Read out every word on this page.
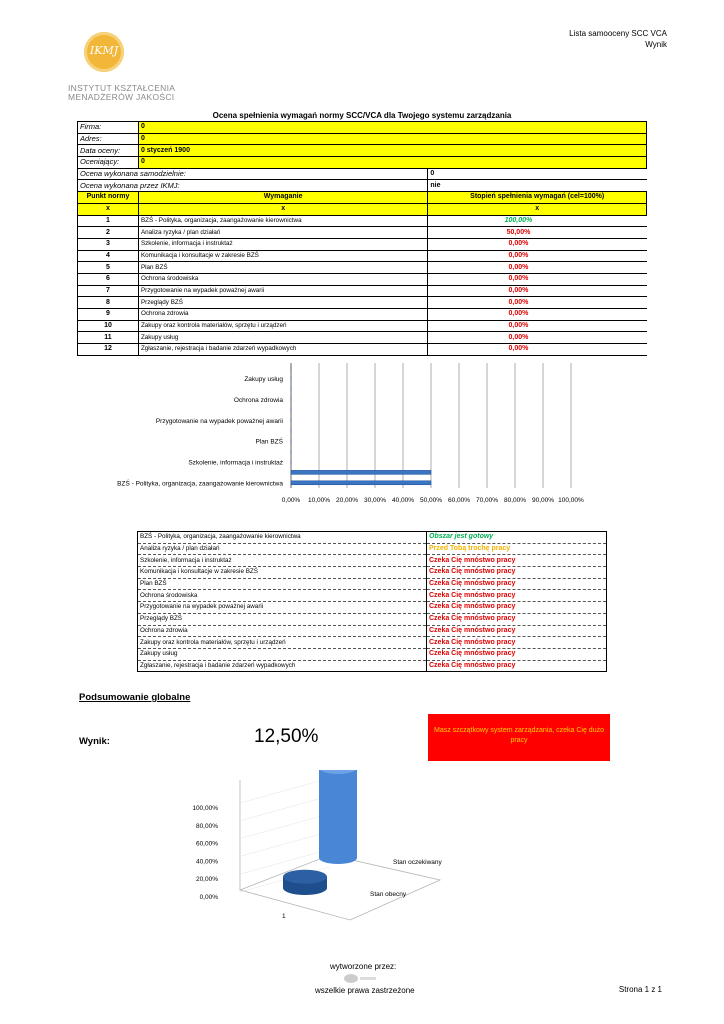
Lista samooceny SCC VCA
Wynik
IKMJ
INSTYTUT KSZTAŁCENIA
MENADŻERÓW JAKOŚCI
Ocena spełnienia wymagań normy SCC/VCA dla Twojego systemu zarządzania
Firma:	0		
Adres:	0		
Data oceny:	0 styczeń 1900		
Oceniający:	0		
Ocena wykonana samodzielnie:		0	
Ocena wykonana przez IKMJ:		nie	
Punkt normy	Wymaganie	Stopień spełnienia wymagań (cel=100%)	
x	x	x	
1	BZŚ - Polityka, organizacja, zaangażowanie kierownictwa	100,00%	
2	Analiza ryzyka / plan działań	50,00%	
3	Szkolenie, informacja i instruktaż	0,00%	
4	Komunikacja i konsultacje w zakresie BZŚ	0,00%	
5	Plan BZŚ	0,00%	
6	Ochrona środowiska	0,00%	
7	Przygotowanie na wypadek poważnej awarii	0,00%	
8	Przeglądy BZŚ	0,00%	
9	Ochrona zdrowia	0,00%	
10	Zakupy oraz kontrola materiałów, sprzętu i urządzeń	0,00%	
11	Zakupy usług	0,00%	
12	Zgłaszanie, rejestracja i badanie zdarzeń wypadkowych	0,00%	
0,00% 10,00% 20,00% 30,00% 40,00% 50,00% 60,00% 70,00% 80,00% 90,00% 100,00%
BZŚ - Polityka, organizacja, zaangażowanie kierownictwa
Szkolenie, informacja i instruktaż
Plan BZŚ
Przygotowanie na wypadek poważnej awarii
Ochrona zdrowia
Zakupy usług
BZŚ - Polityka, organizacja, zaangażowanie kierownictwa	Obszar jest gotowy
Analiza ryzyka / plan działań	Przed Tobą trochę pracy
Szkolenie, informacja i instruktaż	Czeka Cię mnóstwo pracy
Komunikacja i konsultacje w zakresie BZŚ	Czeka Cię mnóstwo pracy
Plan BZŚ	Czeka Cię mnóstwo pracy
Ochrona środowiska	Czeka Cię mnóstwo pracy
Przygotowanie na wypadek poważnej awarii	Czeka Cię mnóstwo pracy
Przeglądy BZŚ	Czeka Cię mnóstwo pracy
Ochrona zdrowia	Czeka Cię mnóstwo pracy
Zakupy oraz kontrola materiałów, sprzętu i urządzeń	Czeka Cię mnóstwo pracy
Zakupy usług	Czeka Cię mnóstwo pracy
Zgłaszanie, rejestracja i badanie zdarzeń wypadkowych	Czeka Cię mnóstwo pracy
Podsumowanie globalne
Wynik:	12,50%	Masz szczątkowy system zarządzania, czeka Cię dużo pracy
0,00%
20,00%
40,00%
60,00%
80,00%
100,00%
Stan obecny
Stan oczekiwany
1
wytworzone przez:
wszelkie prawa zastrzeżone	Strona 1 z 1
